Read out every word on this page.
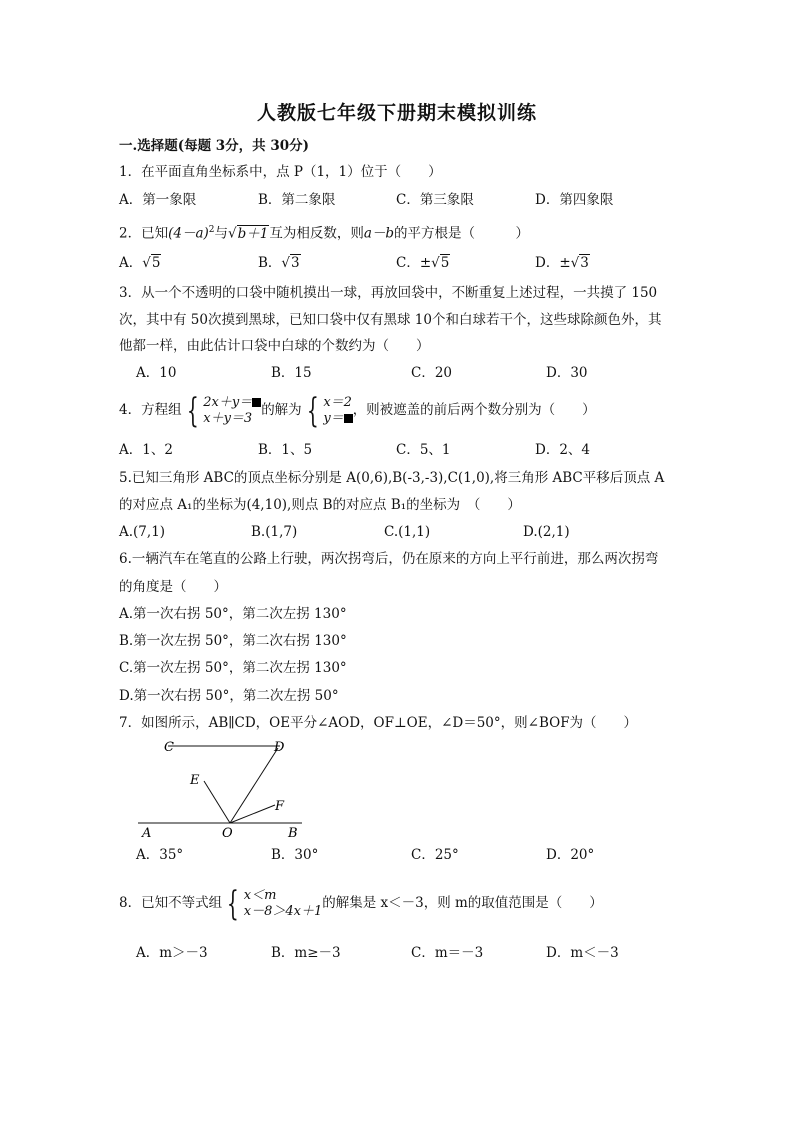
人教版七年级下册期末模拟训练
一.选择题(每题 3分，共 30分)
1．在平面直角坐标系中，点 P（1，1）位于（　　）
A．第一象限	B．第二象限	C．第三象限	D．第四象限
2．已知$(4-a)^2$与√b＋1互为相反数，则a－b的平方根是（　　　）
A．√5	B．√3	C．±√5	D．±√3
3．从一个不透明的口袋中随机摸出一球，再放回袋中，不断重复上述过程，一共摸了 150
次，其中有 50次摸到黑球，已知口袋中仅有黑球 10个和白球若干个，这些球除颜色外，其
他都一样，由此估计口袋中白球的个数约为（　　）
A．10	B．15	C．20	D．30
4．方程组 { 2x＋y＝
x＋y＝3 的解为 { x＝2
y＝ ，则被遮盖的前后两个数分别为（　　）
A．1、2	B．1、5	C．5、1	D．2、4
5.已知三角形 ABC的顶点坐标分别是 A(0,6),B(-3,-3),C(1,0),将三角形 ABC平移后顶点 A
的对应点 A₁的坐标为(4,10),则点 B的对应点 B₁的坐标为　（　　）
A.(7,1)	B.(1,7)	C.(1,1)	D.(2,1)
6.一辆汽车在笔直的公路上行驶，两次拐弯后，仍在原来的方向上平行前进，那么两次拐弯
的角度是（　　）
A.第一次右拐 50°，第二次左拐 130°
B.第一次左拐 50°，第二次右拐 130°
C.第一次左拐 50°，第二次左拐 130°
D.第一次右拐 50°，第二次左拐 50°
7．如图所示，AB∥CD，OE平分∠AOD，OF⊥OE，∠D＝50°，则∠BOF为（　　）
C	D
E
F
A	O	B
A．35°	B．30°	C．25°	D．20°
8．已知不等式组 { x＜m
x－8＞4x＋1 的解集是 x＜－3，则 m的取值范围是（　　）
A．m＞－3	B．m≥－3	C．m＝－3	D．m＜－3
